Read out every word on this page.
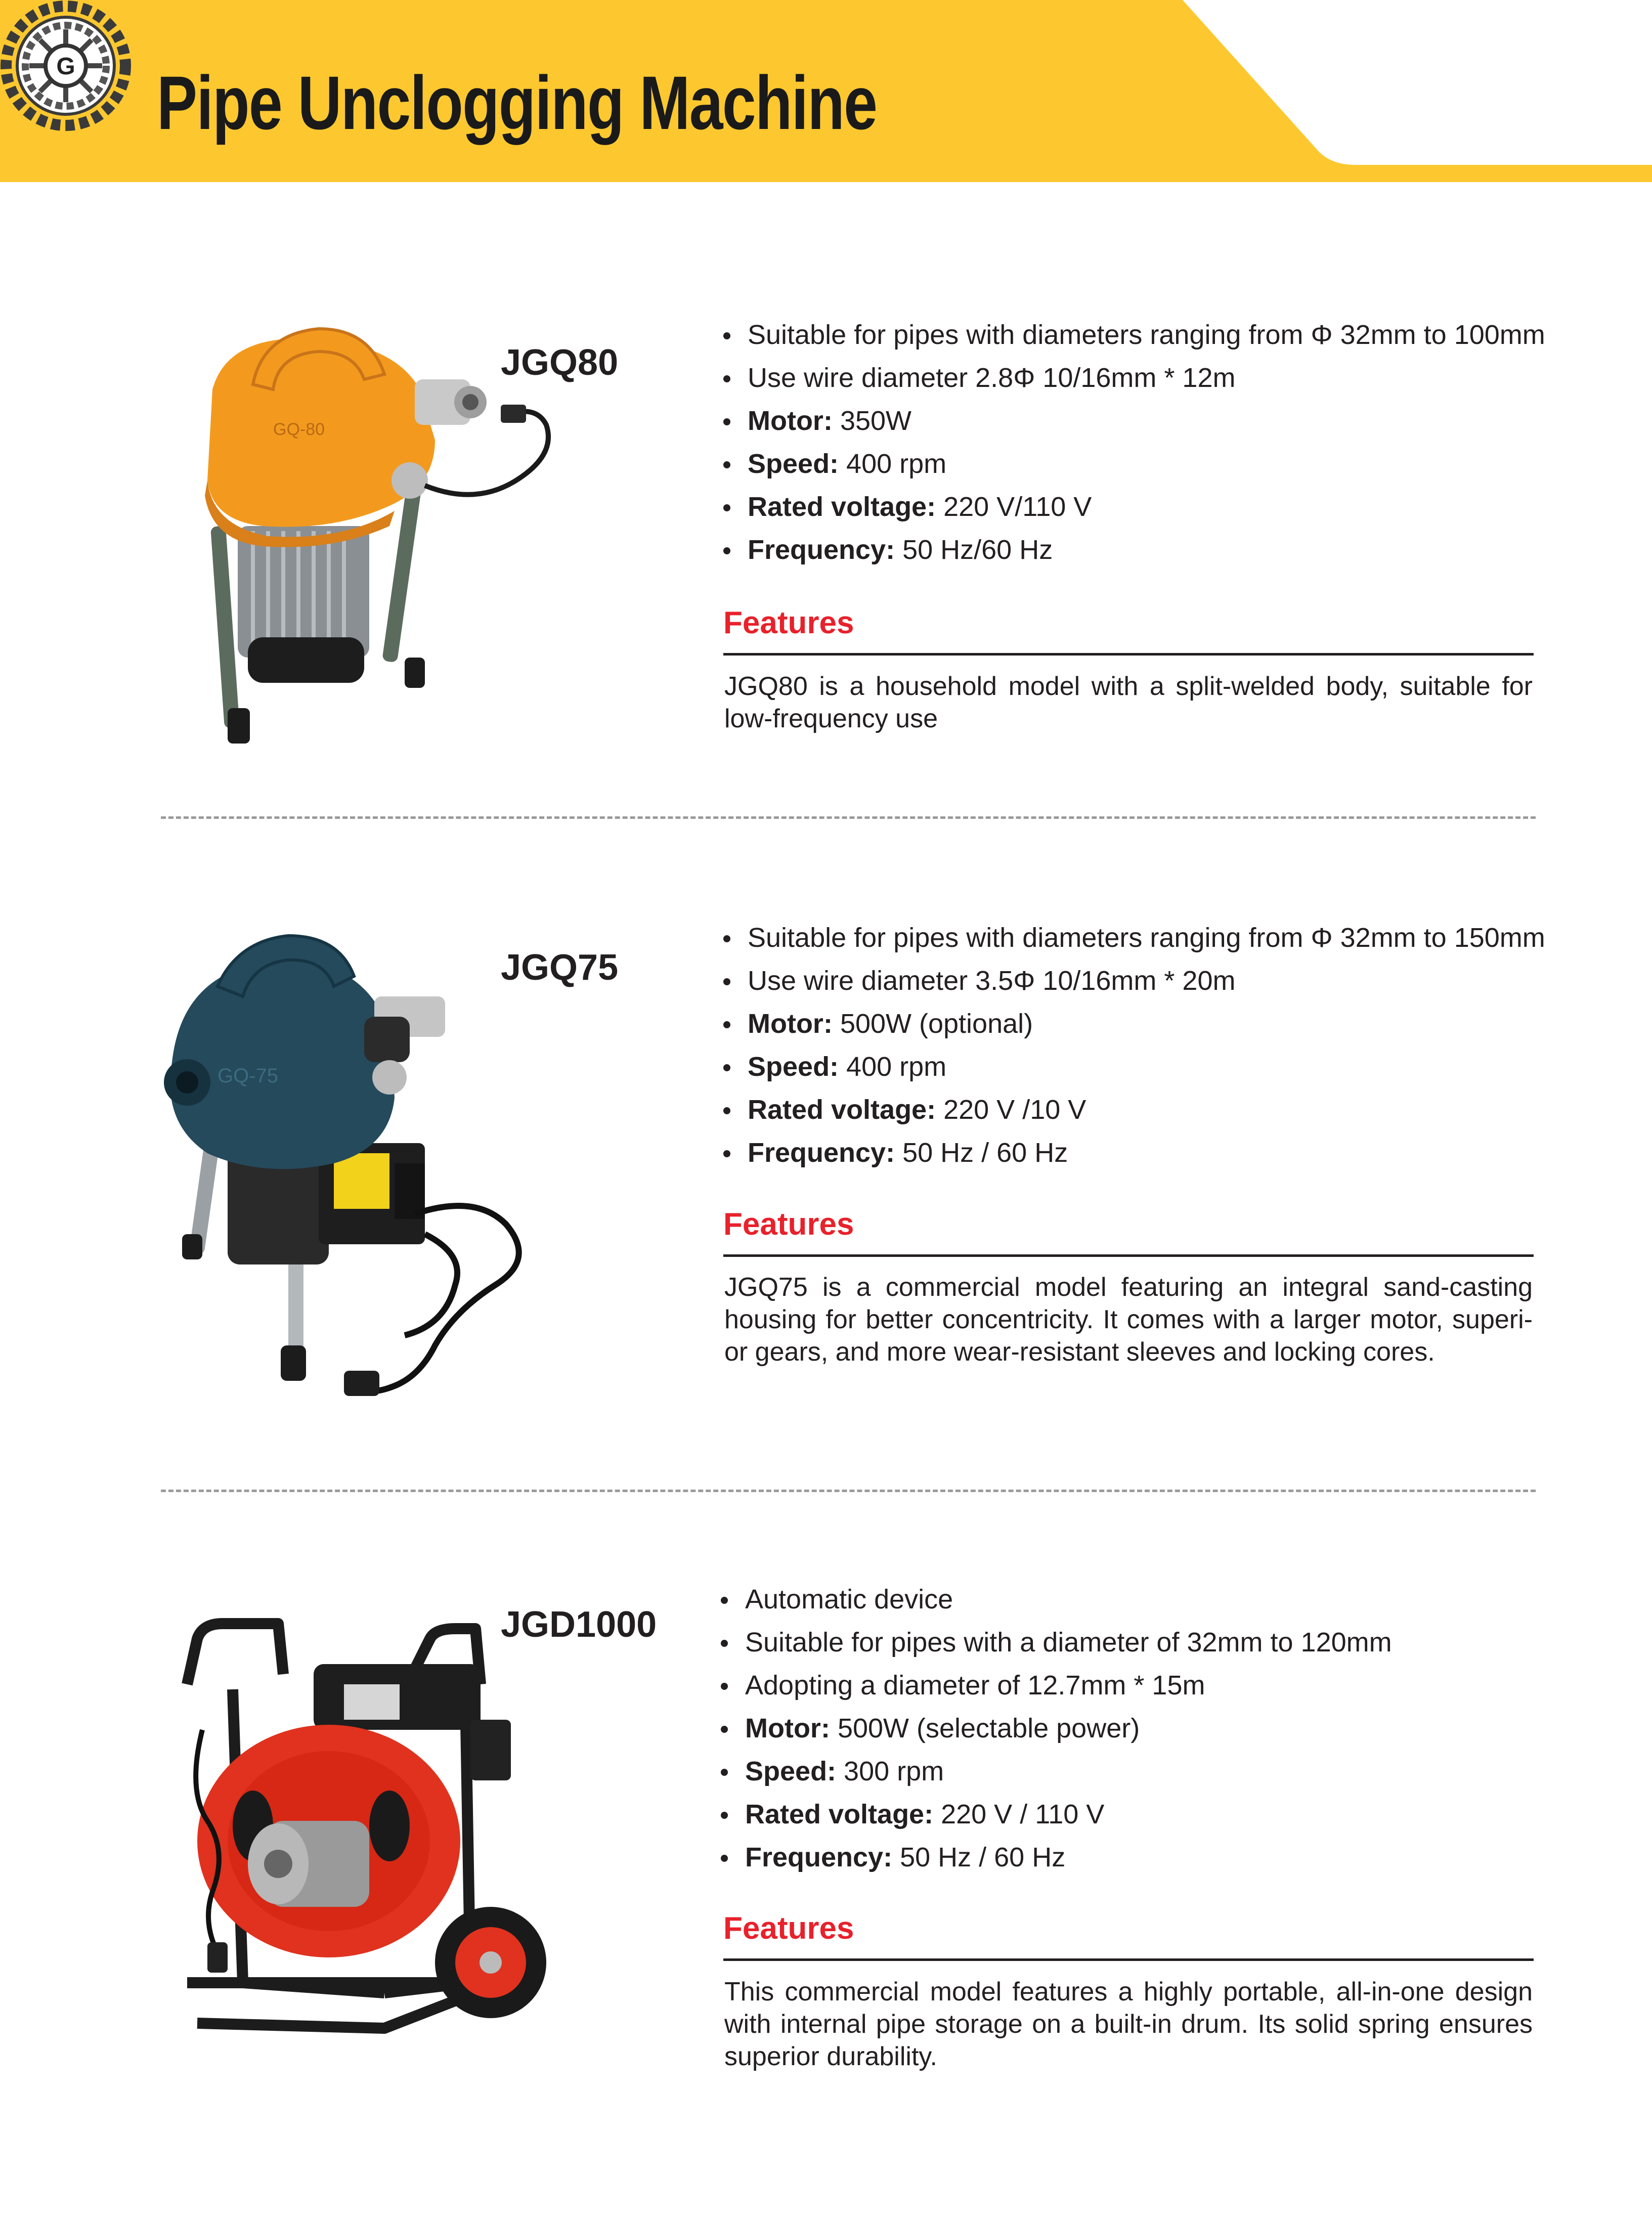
Pipe Unclogging Machine
G
GQ-80
JGQ80
Suitable for pipes with diameters ranging from Φ 32mm to 100mm
Use wire diameter 2.8Φ 10/16mm * 12m
Motor: 350W
Speed: 400 rpm
Rated voltage: 220 V/110 V
Frequency: 50 Hz/60 Hz
Features

JGQ80 is a household model with a split-welded body, suitable for low-frequency use

GQ-75
JGQ75
Suitable for pipes with diameters ranging from Φ 32mm to 150mm
Use wire diameter 3.5Φ 10/16mm * 20m
Motor: 500W (optional)
Speed: 400 rpm
Rated voltage: 220 V /10 V
Frequency: 50 Hz / 60 Hz
Features

JGQ75 is a commercial model featuring an integral sand-casting housing for better concentricity. It comes with a larger motor, superi-or gears, and more wear-resistant sleeves and locking cores.

JGD1000
Automatic device
Suitable for pipes with a diameter of 32mm to 120mm
Adopting a diameter of 12.7mm * 15m
Motor: 500W (selectable power)
Speed: 300 rpm
Rated voltage: 220 V / 110 V
Frequency: 50 Hz / 60 Hz
Features

This commercial model features a highly portable, all-in-one design with internal pipe storage on a built-in drum. Its solid spring ensures superior durability.
